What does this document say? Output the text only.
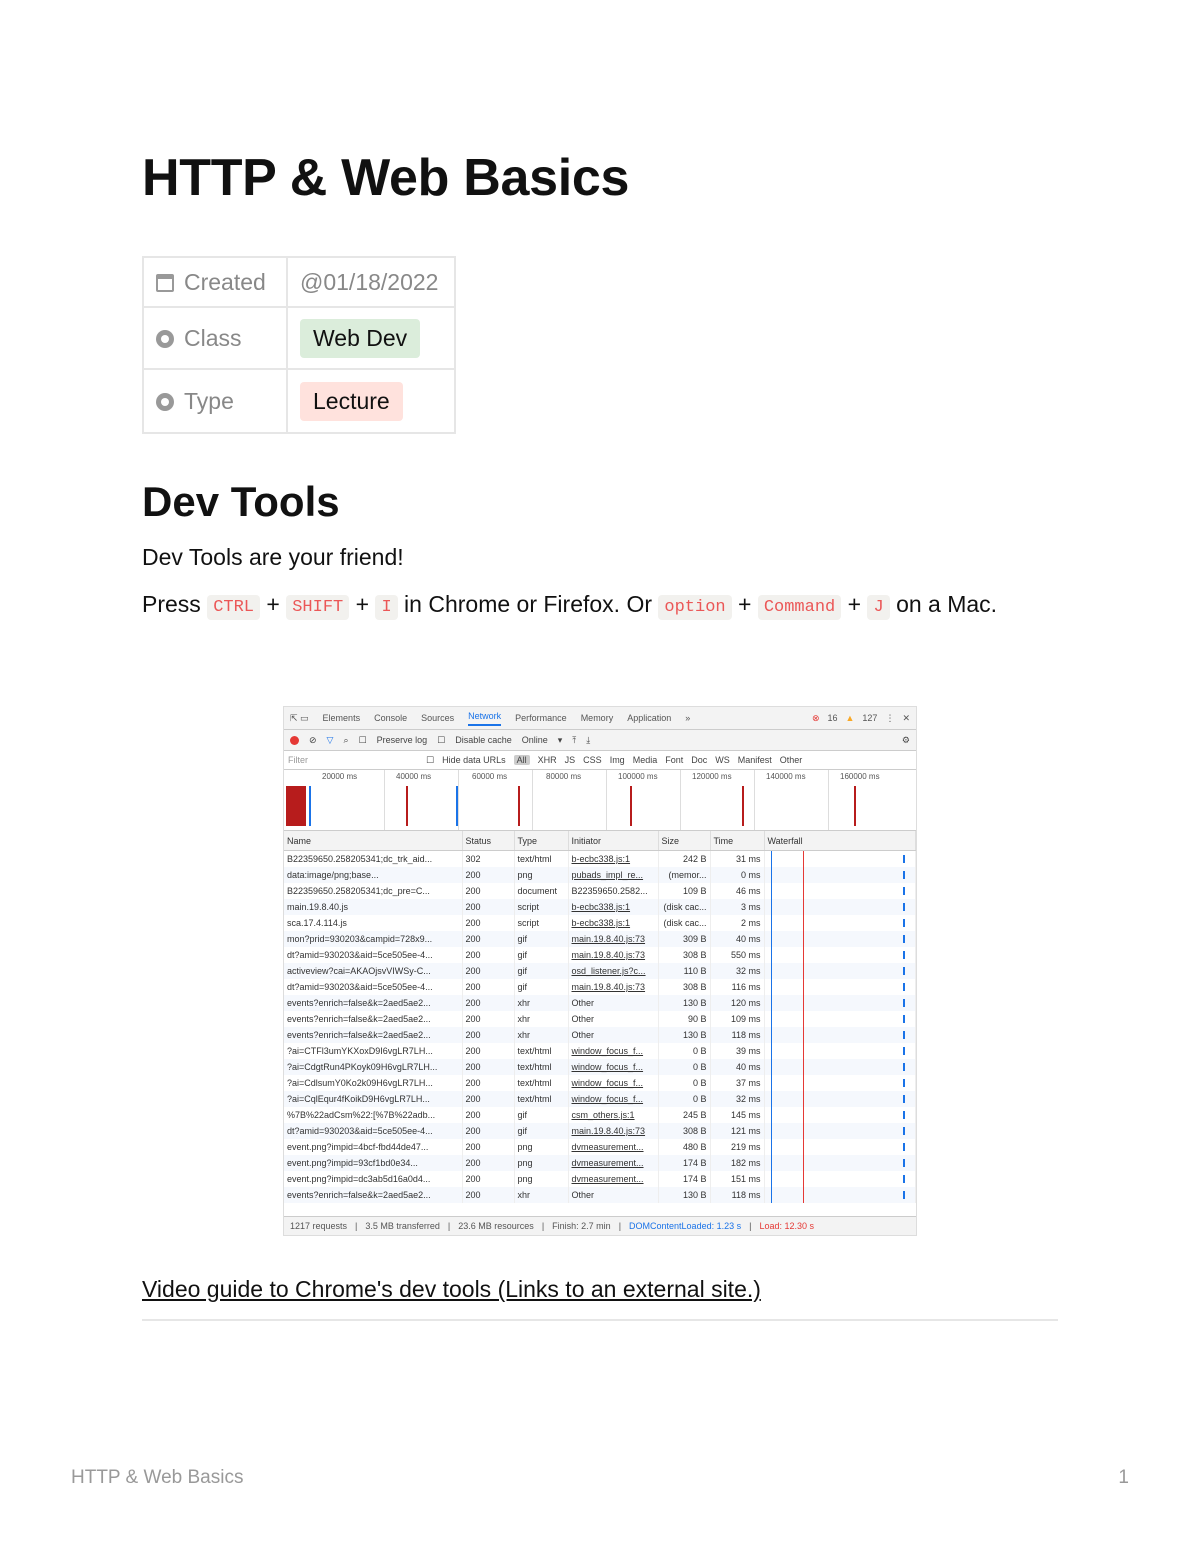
HTTP & Web Basics
Created	@01/18/2022
Class	Web Dev
Type	Lecture
Dev Tools

Dev Tools are your friend!

Press CTRL + SHIFT + I in Chrome or Firefox. Or option + Command + J on a Mac.

⇱ ▭ Elements Console Sources Network Performance Memory Application »	⊗ 16 ▲ 127 ⋮ ✕
⊘ ▽ ⌕ ☐ Preserve log ☐ Disable cache Online ▾ ⤒ ⤓	⚙
Filter	☐ Hide data URLs	All	XHR JS CSS Img Media Font Doc WS Manifest Other
20000 ms	40000 ms	60000 ms	80000 ms	100000 ms	120000 ms	140000 ms	160000 ms
Name	Status	Type	Initiator	Size	Time	Waterfall
B22359650.258205341;dc_trk_aid...	302	text/html	b-ecbc338.js:1	242 B	31 ms	

data:image/png;base...	200	png	pubads_impl_re...	(memor...	0 ms	

B22359650.258205341;dc_pre=C...	200	document	B22359650.2582...	109 B	46 ms	

main.19.8.40.js	200	script	b-ecbc338.js:1	(disk cac...	3 ms	

sca.17.4.114.js	200	script	b-ecbc338.js:1	(disk cac...	2 ms	

mon?prid=930203&campid=728x9...	200	gif	main.19.8.40.js:73	309 B	40 ms	

dt?amid=930203&aid=5ce505ee-4...	200	gif	main.19.8.40.js:73	308 B	550 ms	

activeview?cai=AKAOjsvVIWSy-C...	200	gif	osd_listener.js?c...	110 B	32 ms	

dt?amid=930203&aid=5ce505ee-4...	200	gif	main.19.8.40.js:73	308 B	116 ms	

events?enrich=false&k=2aed5ae2...	200	xhr	Other	130 B	120 ms	

events?enrich=false&k=2aed5ae2...	200	xhr	Other	90 B	109 ms	

events?enrich=false&k=2aed5ae2...	200	xhr	Other	130 B	118 ms	

?ai=CTFl3umYKXoxD9I6vgLR7LH...	200	text/html	window_focus_f...	0 B	39 ms	

?ai=CdgtRun4PKoyk09H6vgLR7LH...	200	text/html	window_focus_f...	0 B	40 ms	

?ai=CdlsumY0Ko2k09H6vgLR7LH...	200	text/html	window_focus_f...	0 B	37 ms	

?ai=CqlEqur4fKoikD9H6vgLR7LH...	200	text/html	window_focus_f...	0 B	32 ms	

%7B%22adCsm%22:[%7B%22adb...	200	gif	csm_others.js:1	245 B	145 ms	

dt?amid=930203&aid=5ce505ee-4...	200	gif	main.19.8.40.js:73	308 B	121 ms	

event.png?impid=4bcf-fbd44de47...	200	png	dvmeasurement...	480 B	219 ms	

event.png?impid=93cf1bd0e34...	200	png	dvmeasurement...	174 B	182 ms	

event.png?impid=dc3ab5d16a0d4...	200	png	dvmeasurement...	174 B	151 ms	

events?enrich=false&k=2aed5ae2...	200	xhr	Other	130 B	118 ms	
1217 requests | 3.5 MB transferred | 23.6 MB resources | Finish: 2.7 min | DOMContentLoaded: 1.23 s | Load: 12.30 s
Video guide to Chrome's dev tools (Links to an external site.)
HTTP & Web Basics	1
